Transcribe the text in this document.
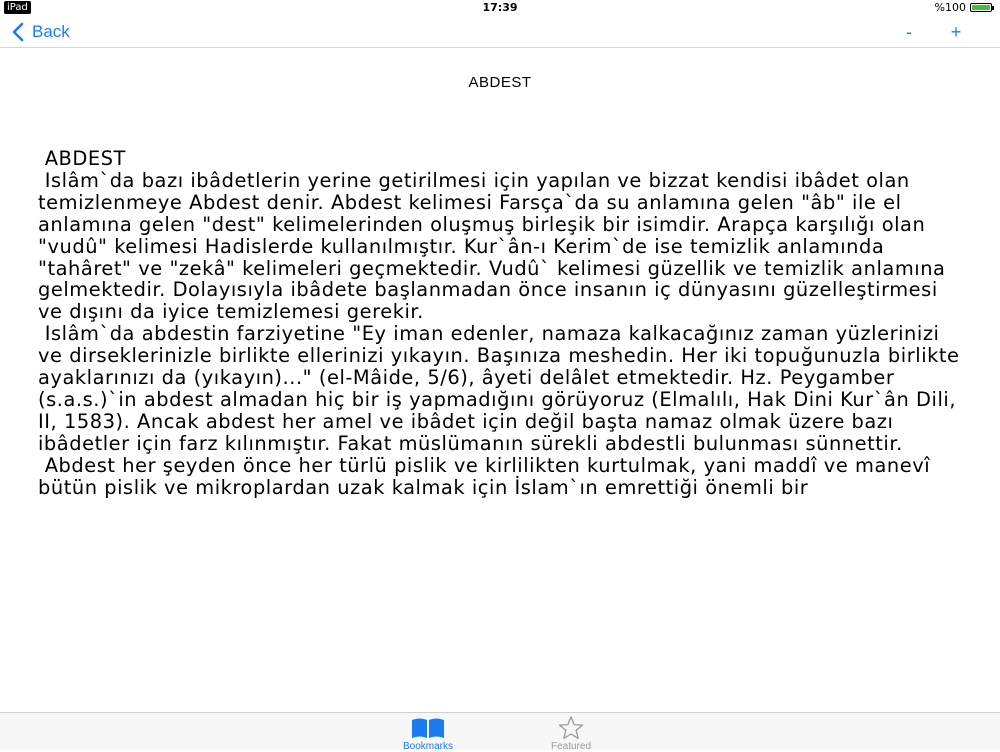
iPad	17:39	%100
Back	-	+
ABDEST
ABDEST
Islâm`da bazı ibâdetlerin yerine getirilmesi için yapılan ve bizzat kendisi ibâdet olan temizlenmeye Abdest denir. Abdest kelimesi Farsça`da su anlamına gelen "âb" ile el anlamına gelen "dest" kelimelerinden oluşmuş birleşik bir isimdir. Arapça karşılığı olan "vudû" kelimesi Hadislerde kullanılmıştır. Kur`ân-ı Kerim`de ise temizlik anlamında "tahâret" ve "zekâ" kelimeleri geçmektedir. Vudû` kelimesi güzellik ve temizlik anlamına gelmektedir. Dolayısıyla ibâdete başlanmadan önce insanın iç dünyasını güzelleştirmesi ve dışını da iyice temizlemesi gerekir.
Islâm`da abdestin farziyetine "Ey iman edenler, namaza kalkacağınız zaman yüzlerinizi ve dirseklerinizle birlikte ellerinizi yıkayın. Başınıza meshedin. Her iki topuğunuzla birlikte ayaklarınızı da (yıkayın)..." (el-Mâide, 5/6), âyeti delâlet etmektedir. Hz. Peygamber (s.a.s.)`in abdest almadan hiç bir iş yapmadığını görüyoruz (Elmalılı, Hak Dini Kur`ân Dili, II, 1583). Ancak abdest her amel ve ibâdet için değil başta namaz olmak üzere bazı ibâdetler için farz kılınmıştır. Fakat müslümanın sürekli abdestli bulunması sünnettir.
Abdest her şeyden önce her türlü pislik ve kirlilikten kurtulmak, yani maddî ve manevî bütün pislik ve mikroplardan uzak kalmak için İslam`ın emrettiği önemli bir
Bookmarks	Featured
